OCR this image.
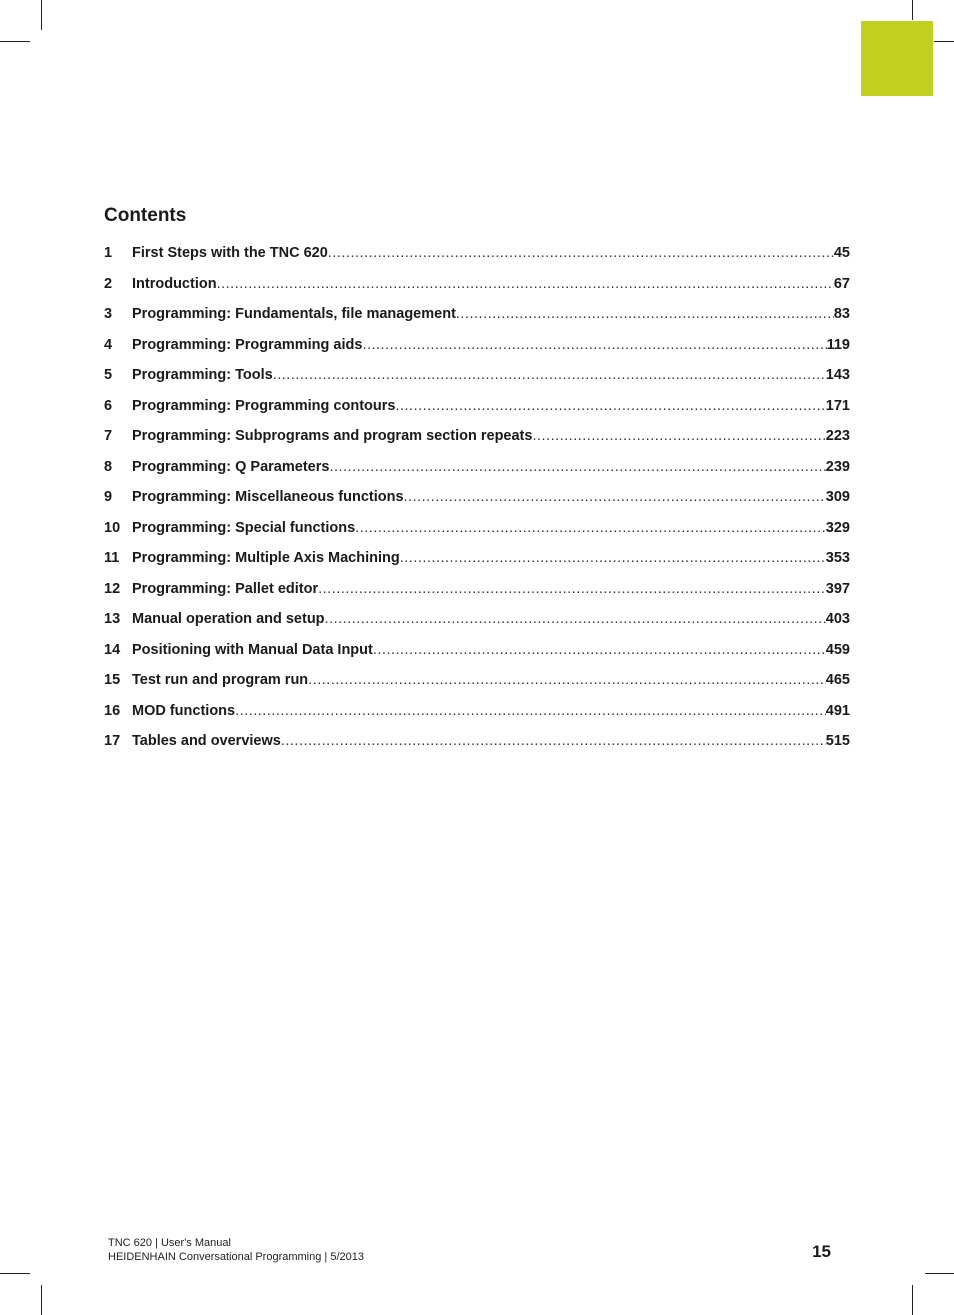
Contents
1	First Steps with the TNC 620 .....	45
2	Introduction .....	67
3	Programming: Fundamentals, file management .....	83
4	Programming: Programming aids .....	119
5	Programming: Tools .....	143
6	Programming: Programming contours .....	171
7	Programming: Subprograms and program section repeats .....	223
8	Programming: Q Parameters .....	239
9	Programming: Miscellaneous functions .....	309
10 Programming: Special functions .....	329
11 Programming: Multiple Axis Machining .....	353
12 Programming: Pallet editor .....	397
13 Manual operation and setup .....	403
14 Positioning with Manual Data Input .....	459
15 Test run and program run .....	465
16 MOD functions .....	491
17 Tables and overviews .....	515
TNC 620 | User's Manual
HEIDENHAIN Conversational Programming | 5/2013	15
